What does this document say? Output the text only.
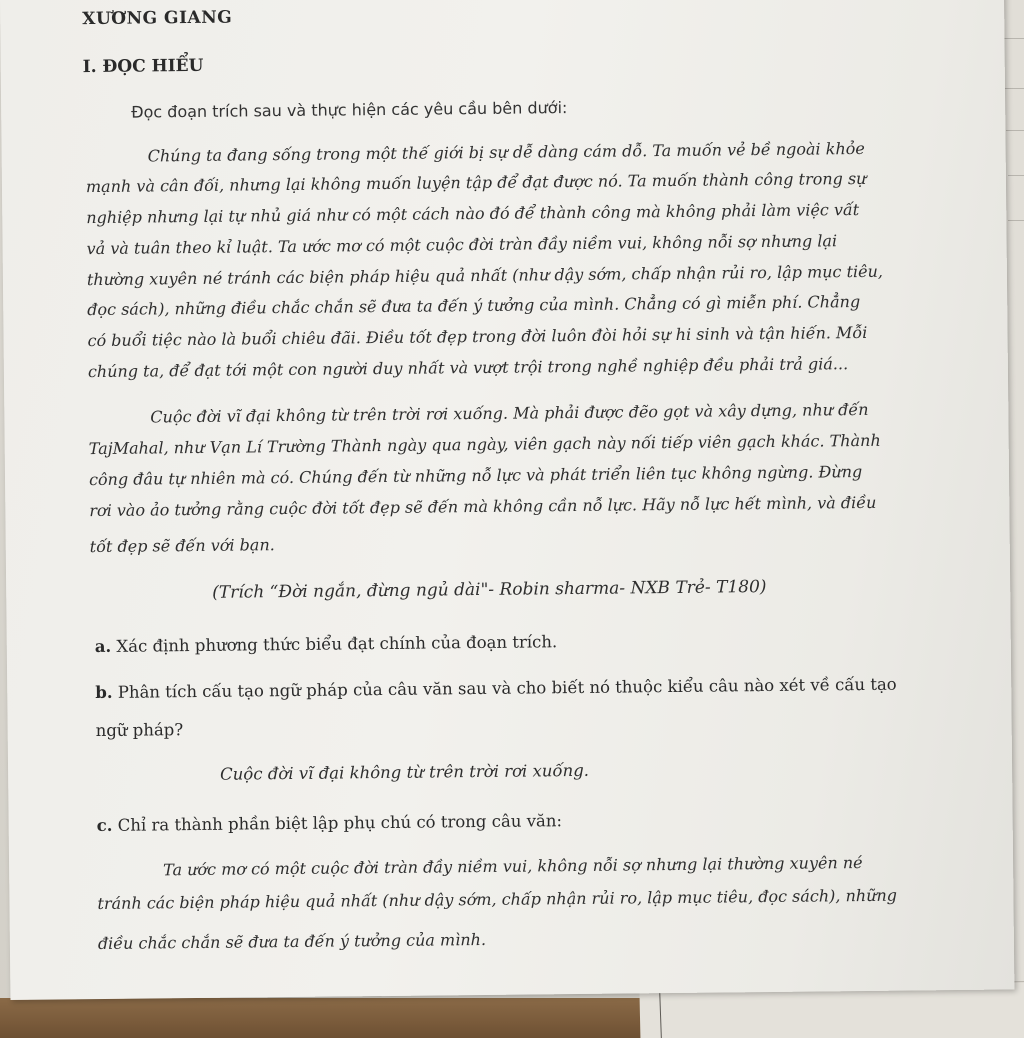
XƯƠNG GIANG
I. ĐỌC HIỂU
Đọc đoạn trích sau và thực hiện các yêu cầu bên dưới:
Chúng ta đang sống trong một thế giới bị sự dễ dàng cám dỗ. Ta muốn vẻ bề ngoài khỏe
mạnh và cân đối, nhưng lại không muốn luyện tập để đạt được nó. Ta muốn thành công trong sự
nghiệp nhưng lại tự nhủ giá như có một cách nào đó để thành công mà không phải làm việc vất
vả và tuân theo kỉ luật. Ta ước mơ có một cuộc đời tràn đầy niềm vui, không nỗi sợ nhưng lại
thường xuyên né tránh các biện pháp hiệu quả nhất (như dậy sớm, chấp nhận rủi ro, lập mục tiêu,
đọc sách), những điều chắc chắn sẽ đưa ta đến ý tưởng của mình. Chẳng có gì miễn phí. Chẳng
có buổi tiệc nào là buổi chiêu đãi. Điều tốt đẹp trong đời luôn đòi hỏi sự hi sinh và tận hiến. Mỗi
chúng ta, để đạt tới một con người duy nhất và vượt trội trong nghề nghiệp đều phải trả giá...
Cuộc đời vĩ đại không từ trên trời rơi xuống. Mà phải được đẽo gọt và xây dựng, như đến
TajMahal, như Vạn Lí Trường Thành ngày qua ngày, viên gạch này nối tiếp viên gạch khác. Thành
công đâu tự nhiên mà có. Chúng đến từ những nỗ lực và phát triển liên tục không ngừng. Đừng
rơi vào ảo tưởng rằng cuộc đời tốt đẹp sẽ đến mà không cần nỗ lực. Hãy nỗ lực hết mình, và điều
tốt đẹp sẽ đến với bạn.
(Trích “Đời ngắn, đừng ngủ dài"- Robin sharma- NXB Trẻ- T180)
a. Xác định phương thức biểu đạt chính của đoạn trích.
b. Phân tích cấu tạo ngữ pháp của câu văn sau và cho biết nó thuộc kiểu câu nào xét về cấu tạo
ngữ pháp?
Cuộc đời vĩ đại không từ trên trời rơi xuống.
c. Chỉ ra thành phần biệt lập phụ chú có trong câu văn:
Ta ước mơ có một cuộc đời tràn đầy niềm vui, không nỗi sợ nhưng lại thường xuyên né
tránh các biện pháp hiệu quả nhất (như dậy sớm, chấp nhận rủi ro, lập mục tiêu, đọc sách), những
điều chắc chắn sẽ đưa ta đến ý tưởng của mình.
